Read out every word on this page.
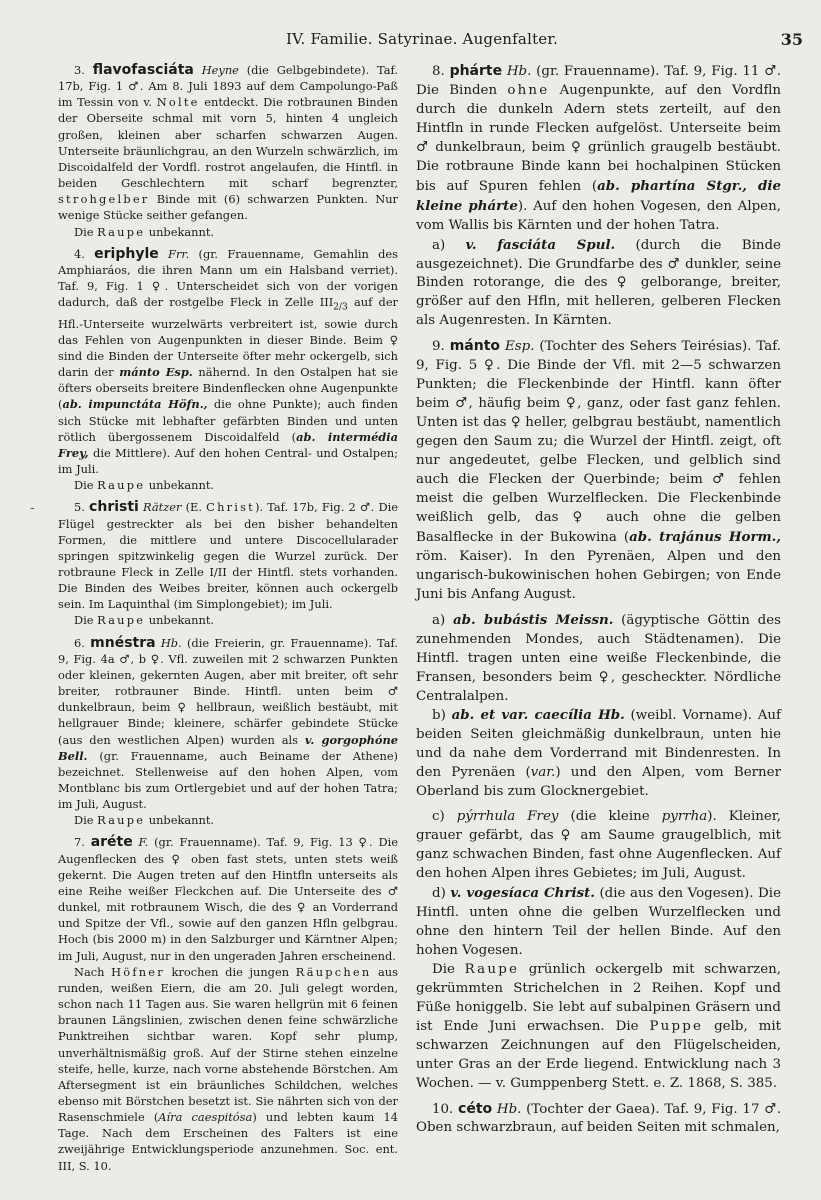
IV. Familie. Satyrinae. Augenfalter.	35
-

3. flavofasciáta Heyne (die Gelbgebindete). Taf. 17b, Fig. 1 ♂. Am 8. Juli 1893 auf dem Campolungo-Paß im Tessin von v. Nolte entdeckt. Die rotbraunen Binden der Oberseite schmal mit vorn 5, hinten 4 ungleich großen, kleinen aber scharfen schwarzen Augen. Unterseite bräunlichgrau, an den Wurzeln schwärzlich, im Discoidalfeld der Vordfl. rostrot angelaufen, die Hintfl. in beiden Geschlechtern mit scharf begrenzter, strohgelber Binde mit (6) schwarzen Punkten. Nur wenige Stücke seither gefangen.

Die Raupe unbekannt.

4. eriphyle Frr. (gr. Frauenname, Gemahlin des Amphiaráos, die ihren Mann um ein Halsband verriet). Taf. 9, Fig. 1 ♀. Unterscheidet sich von der vorigen dadurch, daß der rostgelbe Fleck in Zelle $III_{2/3}$ auf der Hfl.-Unterseite wurzelwärts verbreitert ist, sowie durch das Fehlen von Augenpunkten in dieser Binde. Beim ♀ sind die Binden der Unterseite öfter mehr ockergelb, sich darin der mánto Esp. nähernd. In den Ostalpen hat sie öfters oberseits breitere Bindenflecken ohne Augenpunkte (ab. impunctáta Höfn., die ohne Punkte); auch finden sich Stücke mit lebhafter gefärbten Binden und unten rötlich übergossenem Discoidalfeld (ab. intermédia Frey, die Mittlere). Auf den hohen Central- und Ostalpen; im Juli.

Die Raupe unbekannt.

5. christi Rätzer (E. Christ). Taf. 17b, Fig. 2 ♂. Die Flügel gestreckter als bei den bisher behandelten Formen, die mittlere und untere Discocellularader springen spitzwinkelig gegen die Wurzel zurück. Der rotbraune Fleck in Zelle I/II der Hintfl. stets vorhanden. Die Binden des Weibes breiter, können auch ockergelb sein. Im Laquinthal (im Simplongebiet); im Juli.

Die Raupe unbekannt.

6. mnéstra Hb. (die Freierin, gr. Frauenname). Taf. 9, Fig. 4a ♂, b ♀. Vfl. zuweilen mit 2 schwarzen Punkten oder kleinen, gekernten Augen, aber mit breiter, oft sehr breiter, rotbrauner Binde. Hintfl. unten beim ♂ dunkelbraun, beim ♀ hellbraun, weißlich bestäubt, mit hellgrauer Binde; kleinere, schärfer gebindete Stücke (aus den westlichen Alpen) wurden als v. gorgophóne Bell. (gr. Frauenname, auch Beiname der Athene) bezeichnet. Stellenweise auf den hohen Alpen, vom Montblanc bis zum Ortlergebiet und auf der hohen Tatra; im Juli, August.

Die Raupe unbekannt.

7. aréte F. (gr. Frauenname). Taf. 9, Fig. 13 ♀. Die Augenflecken des ♀ oben fast stets, unten stets weiß gekernt. Die Augen treten auf den Hintfln unterseits als eine Reihe weißer Fleckchen auf. Die Unterseite des ♂ dunkel, mit rotbraunem Wisch, die des ♀ an Vorderrand und Spitze der Vfl., sowie auf den ganzen Hfln gelbgrau. Hoch (bis 2000 m) in den Salzburger und Kärntner Alpen; im Juli, August, nur in den ungeraden Jahren erscheinend.

Nach Höfner krochen die jungen Räupchen aus runden, weißen Eiern, die am 20. Juli gelegt worden, schon nach 11 Tagen aus. Sie waren hellgrün mit 6 feinen braunen Längslinien, zwischen denen feine schwärzliche Punktreihen sichtbar waren. Kopf sehr plump, unverhältnismäßig groß. Auf der Stirne stehen einzelne steife, helle, kurze, nach vorne abstehende Börstchen. Am Aftersegment ist ein bräunliches Schildchen, welches ebenso mit Börstchen besetzt ist. Sie nährten sich von der Rasenschmiele (Aíra caespitósa) und lebten kaum 14 Tage. Nach dem Erscheinen des Falters ist eine zweijährige Entwicklungsperiode anzunehmen. Soc. ent. III, S. 10.

8. phárte Hb. (gr. Frauenname). Taf. 9, Fig. 11 ♂. Die Binden ohne Augenpunkte, auf den Vordfln durch die dunkeln Adern stets zerteilt, auf den Hintfln in runde Flecken aufgelöst. Unterseite beim ♂ dunkelbraun, beim ♀ grünlich graugelb bestäubt. Die rotbraune Binde kann bei hochalpinen Stücken bis auf Spuren fehlen (ab. phartína Stgr., die kleine phárte). Auf den hohen Vogesen, den Alpen, vom Wallis bis Kärnten und der hohen Tatra.

a) v. fasciáta Spul. (durch die Binde ausgezeichnet). Die Grundfarbe des ♂ dunkler, seine Binden rotorange, die des ♀ gelborange, breiter, größer auf den Hfln, mit helleren, gelberen Flecken als Augenresten. In Kärnten.

9. mánto Esp. (Tochter des Sehers Teirésias). Taf. 9, Fig. 5 ♀. Die Binde der Vfl. mit 2—5 schwarzen Punkten; die Fleckenbinde der Hintfl. kann öfter beim ♂, häufig beim ♀, ganz, oder fast ganz fehlen. Unten ist das ♀ heller, gelbgrau bestäubt, namentlich gegen den Saum zu; die Wurzel der Hintfl. zeigt, oft nur angedeutet, gelbe Flecken, und gelblich sind auch die Flecken der Querbinde; beim ♂ fehlen meist die gelben Wurzelflecken. Die Fleckenbinde weißlich gelb, das ♀ auch ohne die gelben Basalflecke in der Bukowina (ab. trajánus Horm., röm. Kaiser). In den Pyrenäen, Alpen und den ungarisch-bukowinischen hohen Gebirgen; von Ende Juni bis Anfang August.

a) ab. bubástis Meissn. (ägyptische Göttin des zunehmenden Mondes, auch Städtenamen). Die Hintfl. tragen unten eine weiße Fleckenbinde, die Fransen, besonders beim ♀, gescheckter. Nördliche Centralalpen.

b) ab. et var. caecília Hb. (weibl. Vorname). Auf beiden Seiten gleichmäßig dunkelbraun, unten hie und da nahe dem Vorderrand mit Bindenresten. In den Pyrenäen (var.) und den Alpen, vom Berner Oberland bis zum Glocknergebiet.

c) pýrrhula Frey (die kleine pyrrha). Kleiner, grauer gefärbt, das ♀ am Saume graugelblich, mit ganz schwachen Binden, fast ohne Augenflecken. Auf den hohen Alpen ihres Gebietes; im Juli, August.

d) v. vogesíaca Christ. (die aus den Vogesen). Die Hintfl. unten ohne die gelben Wurzelflecken und ohne den hintern Teil der hellen Binde. Auf den hohen Vogesen.

Die Raupe grünlich ockergelb mit schwarzen, gekrümmten Strichelchen in 2 Reihen. Kopf und Füße honiggelb. Sie lebt auf subalpinen Gräsern und ist Ende Juni erwachsen. Die Puppe gelb, mit schwarzen Zeichnungen auf den Flügelscheiden, unter Gras an der Erde liegend. Entwicklung nach 3 Wochen. — v. Gumppenberg Stett. e. Z. 1868, S. 385.

10. céto Hb. (Tochter der Gaea). Taf. 9, Fig. 17 ♂. Oben schwarzbraun, auf beiden Seiten mit schmalen,
